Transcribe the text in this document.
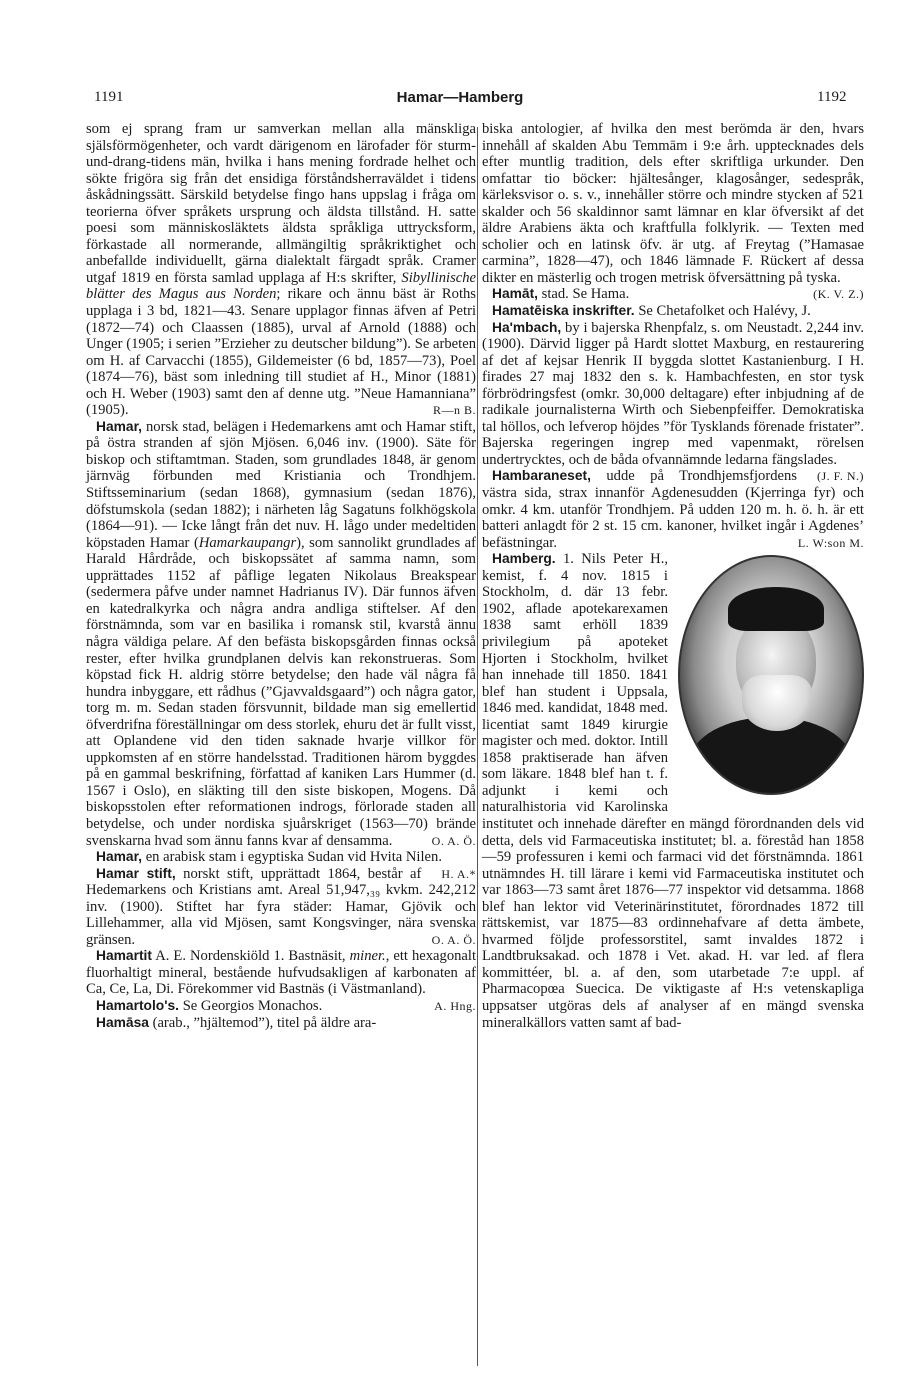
1191	Hamar—Hamberg	1192

som ej sprang fram ur samverkan mellan alla mänskliga själsförmögenheter, och vardt därigenom en lärofader för sturm-und-drang-tidens män, hvilka i hans mening fordrade helhet och sökte frigöra sig från det ensidiga förståndsherraväldet i tidens åskådningssätt. Särskild betydelse fingo hans uppslag i fråga om teorierna öfver språkets ursprung och äldsta tillstånd. H. satte poesi som människosläktets äldsta språkliga uttrycksform, förkastade all normerande, allmängiltig språkriktighet och anbefallde individuellt, gärna dialektalt färgadt språk. Cramer utgaf 1819 en första samlad upplaga af H:s skrifter, Sibyllinische blätter des Magus aus Norden; rikare och ännu bäst är Roths upplaga i 3 bd, 1821—43. Senare upplagor finnas äfven af Petri (1872—74) och Claassen (1885), urval af Arnold (1888) och Unger (1905; i serien ”Erzieher zu deutscher bildung”). Se arbeten om H. af Carvacchi (1855), Gildemeister (6 bd, 1857—73), Poel (1874—76), bäst som inledning till studiet af H., Minor (1881) och H. Weber (1903) samt den af denne utg. ”Neue Hamanniana” (1905).	R—n B.

Hamar, norsk stad, belägen i Hedemarkens amt och Hamar stift, på östra stranden af sjön Mjösen. 6,046 inv. (1900). Säte för biskop och stiftamtman. Staden, som grundlades 1848, är genom järnväg förbunden med Kristiania och Trondhjem. Stiftsseminarium (sedan 1868), gymnasium (sedan 1876), döfstumskola (sedan 1882); i närheten låg Sagatuns folkhögskola (1864—91). — Icke långt från det nuv. H. lågo under medeltiden köpstaden Hamar (Hamarkaupangr), som sannolikt grundlades af Harald Hårdråde, och biskopssätet af samma namn, som upprättades 1152 af påflige legaten Nikolaus Breakspear (sedermera påfve under namnet Hadrianus IV). Där funnos äfven en katedralkyrka och några andra andliga stiftelser. Af den förstnämnda, som var en basilika i romansk stil, kvarstå ännu några väldiga pelare. Af den befästa biskopsgården finnas också rester, efter hvilka grundplanen delvis kan rekonstrueras. Som köpstad fick H. aldrig större betydelse; den hade väl några få hundra inbyggare, ett rådhus (”Gjavvaldsgaard”) och några gator, torg m. m. Sedan staden försvunnit, bildade man sig emellertid öfverdrifna föreställningar om dess storlek, ehuru det är fullt visst, att Oplandene vid den tiden saknade hvarje villkor för uppkomsten af en större handelsstad. Traditionen härom byggdes på en gammal beskrifning, författad af kaniken Lars Hummer (d. 1567 i Oslo), en släkting till den siste biskopen, Mogens. Då biskopsstolen efter reformationen indrogs, förlorade staden all betydelse, och under nordiska sjuårskriget (1563—70) brände svenskarna hvad som ännu fanns kvar af densamma.	O. A. Ö.

Hamar, en arabisk stam i egyptiska Sudan vid Hvita Nilen.
H. A.*

Hamar stift, norskt stift, upprättadt 1864, består af Hedemarkens och Kristians amt. Areal 51,947,₃₉ kvkm. 242,212 inv. (1900). Stiftet har fyra städer: Hamar, Gjövik och Lillehammer, alla vid Mjösen, samt Kongsvinger, nära svenska gränsen.	O. A. Ö.

Hamartit A. E. Nordenskiöld 1. Bastnäsit, miner., ett hexagonalt fluorhaltigt mineral, bestående hufvudsakligen af karbonaten af Ca, Ce, La, Di. Förekommer vid Bastnäs (i Västmanland).
A. Hng.

Hamartolo's. Se Georgios Monachos.

Hamāsa (arab., ”hjältemod”), titel på äldre ara-

biska antologier, af hvilka den mest berömda är den, hvars innehåll af skalden Abu Temmām i 9:e årh. upptecknades dels efter muntlig tradition, dels efter skriftliga urkunder. Den omfattar tio böcker: hjältesånger, klagosånger, sedespråk, kärleksvisor o. s. v., innehåller större och mindre stycken af 521 skalder och 56 skaldinnor samt lämnar en klar öfversikt af det äldre Arabiens äkta och kraftfulla folklyrik. — Texten med scholier och en latinsk öfv. är utg. af Freytag (”Hamasae carmina”, 1828—47), och 1846 lämnade F. Rückert af dessa dikter en mästerlig och trogen metrisk öfversättning på tyska.
(K. V. Z.)

Hamāt, stad. Se Hama.

Hamatēiska inskrifter. Se Chetafolket och Halévy, J.

Ha'mbach, by i bajerska Rhenpfalz, s. om Neustadt. 2,244 inv. (1900). Därvid ligger på Hardt slottet Maxburg, en restaurering af det af kejsar Henrik II byggda slottet Kastanienburg. I H. firades 27 maj 1832 den s. k. Hambachfesten, en stor tysk förbrödringsfest (omkr. 30,000 deltagare) efter inbjudning af de radikale journalisterna Wirth och Siebenpfeiffer. Demokratiska tal höllos, och lefverop höjdes ”för Tysklands förenade fristater”. Bajerska regeringen ingrep med vapenmakt, rörelsen undertrycktes, och de båda ofvannämnde ledarna fängslades.
(J. F. N.)

Hambaraneset, udde på Trondhjemsfjordens västra sida, strax innanför Agdenesudden (Kjerringa fyr) och omkr. 4 km. utanför Trondhjem. På udden 120 m. h. ö. h. är ett batteri anlagdt för 2 st. 15 cm. kanoner, hvilket ingår i Agdenes’ befästningar.	L. W:son M.

Hamberg. 1. Nils Peter H., kemist, f. 4 nov. 1815 i Stockholm, d. där 13 febr. 1902, aflade apotekarexamen 1838 samt erhöll 1839 privilegium på apoteket Hjorten i Stockholm, hvilket han innehade till 1850. 1841 blef han student i Uppsala, 1846 med. kandidat, 1848 med. licentiat samt 1849 kirurgie magister och med. doktor. Intill 1858 praktiserade han äfven som läkare. 1848 blef han t. f. adjunkt i kemi och naturalhistoria vid Karolinska institutet och innehade därefter en mängd förordnanden dels vid detta, dels vid Farmaceutiska institutet; bl. a. föreståd han 1858—59 professuren i kemi och farmaci vid det förstnämnda. 1861 utnämndes H. till lärare i kemi vid Farmaceutiska institutet och var 1863—73 samt året 1876—77 inspektor vid detsamma. 1868 blef han lektor vid Veterinärinstitutet, förordnades 1872 till rättskemist, var 1875—83 ordinnehafvare af detta ämbete, hvarmed följde professorstitel, samt invaldes 1872 i Landtbruksakad. och 1878 i Vet. akad. H. var led. af flera kommittéer, bl. a. af den, som utarbetade 7:e uppl. af Pharmacopœa Suecica. De viktigaste af H:s vetenskapliga uppsatser utgöras dels af analyser af en mängd svenska mineralkällors vatten samt af bad-
